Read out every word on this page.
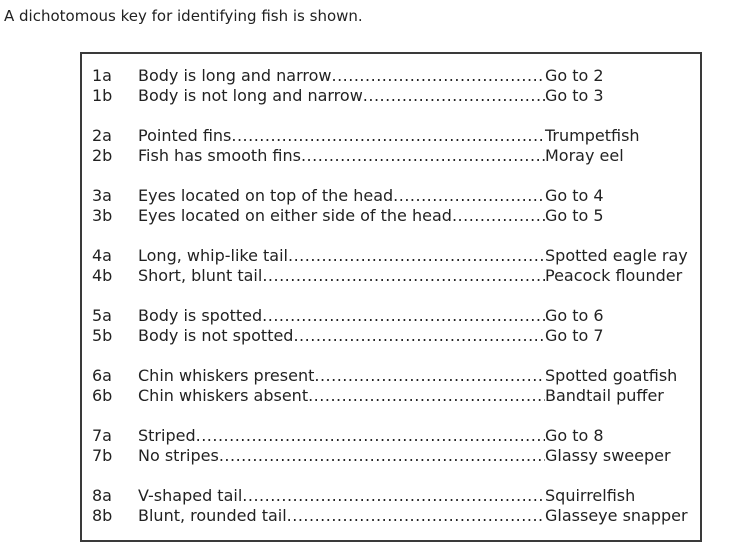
A dichotomous key for identifying fish is shown.
1a	Body is long and narrow .....	Go to 2
1b	Body is not long and narrow .....	Go to 3
2a	Pointed fins .....	Trumpetfish
2b	Fish has smooth fins .....	Moray eel
3a	Eyes located on top of the head .....	Go to 4
3b	Eyes located on either side of the head .....	Go to 5
4a	Long, whip-like tail .....	Spotted eagle ray
4b	Short, blunt tail .....	Peacock flounder
5a	Body is spotted .....	Go to 6
5b	Body is not spotted .....	Go to 7
6a	Chin whiskers present .....	Spotted goatfish
6b	Chin whiskers absent .....	Bandtail puffer
7a	Striped .....	Go to 8
7b	No stripes .....	Glassy sweeper
8a	V-shaped tail .....	Squirrelfish
8b	Blunt, rounded tail .....	Glasseye snapper
